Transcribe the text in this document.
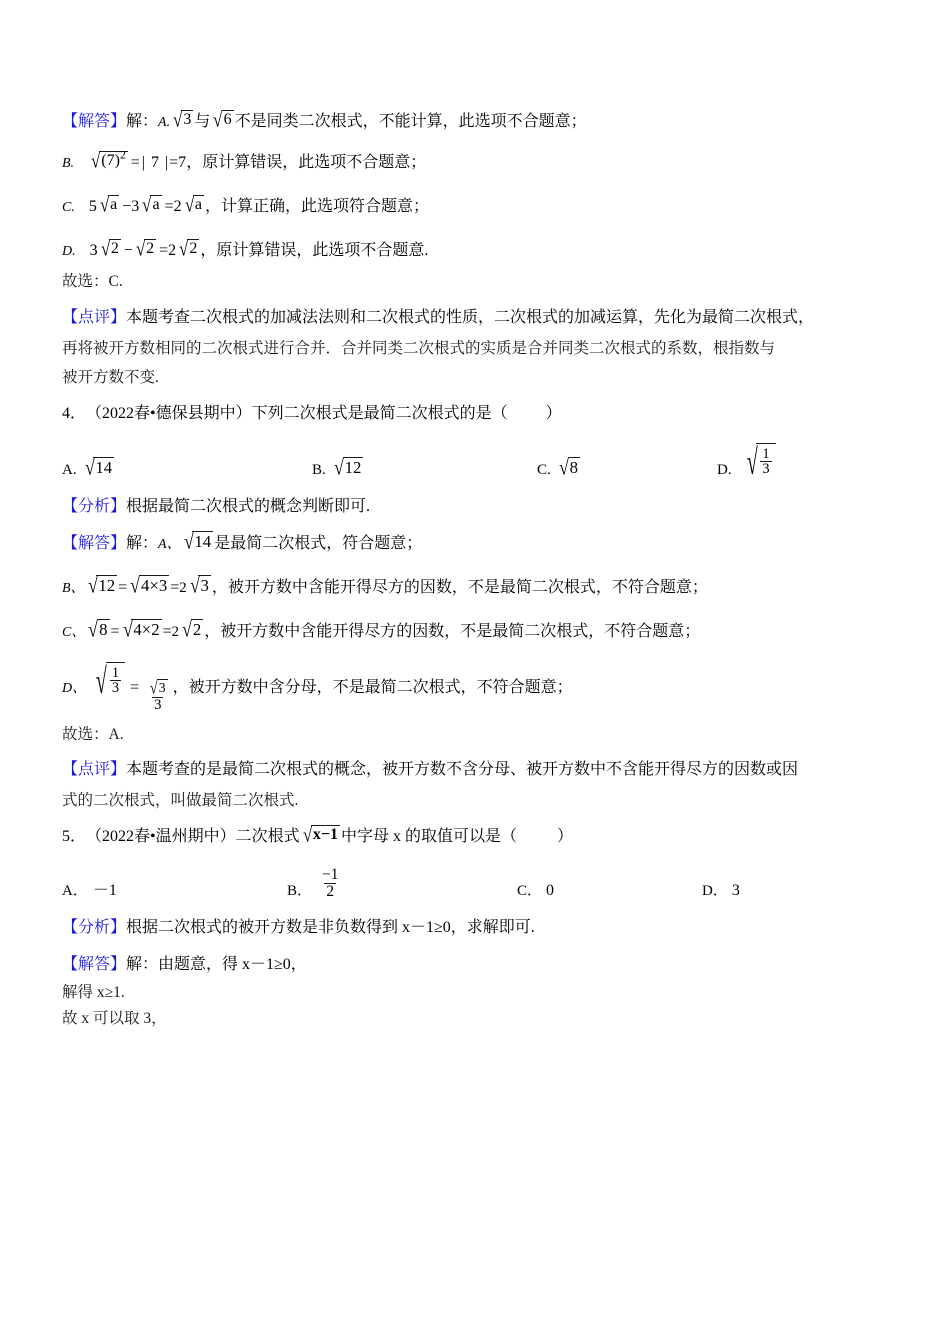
【解答】 解： A. √ 3 与 √ 6 不是同类二次根式，不能计算，此选项不合题意；
B. √ $(7)^2$ = | 7 | =7 ，原计算错误，此选项不合题意；
C. 5 √ a −3 √ a =2 √ a ，计算正确，此选项符合题意；
D. 3 √ 2 − √ 2 =2 √ 2 ，原计算错误，此选项不合题意.
故选：C.
【点评】 本题考查二次根式的加减法法则和二次根式的性质，二次根式的加减运算，先化为最简二次根式，
再将被开方数相同的二次根式进行合并．合并同类二次根式的实质是合并同类二次根式的系数，根指数与
被开方数不变.
4． （2022春•德保县期中） 下列二次根式是最简二次根式的是（ ）
A. √ 14	B. √ 12	C. √ 8	D. √ $\frac{1}{3}$
【分析】 根据最简二次根式的概念判断即可.
【解答】 解： A、 √ 14 是最简二次根式，符合题意；
B、 √ 12 = √ 4×3 = 2 √ 3 ，被开方数中含能开得尽方的因数，不是最简二次根式，不符合题意；
C、 √ 8 = √ 4×2 = 2 √ 2 ，被开方数中含能开得尽方的因数，不是最简二次根式，不符合题意；
D、 √ $\frac{1}{3} = \frac{√ 3}{3}$ ，被开方数中含分母，不是最简二次根式，不符合题意；
故选：A.
【点评】 本题考查的是最简二次根式的概念，被开方数不含分母、被开方数中不含能开得尽方的因数或因
式的二次根式，叫做最简二次根式.
5． （2022春•温州期中） 二次根式 √ x−1 中字母 x 的取值可以是（	）
A． －1	B． $\frac{-1}{2}$	C． 0	D． 3
【分析】 根据二次根式的被开方数是非负数得到 x－1≥0，求解即可.
【解答】 解：由题意，得 x－1≥0，
解得 x≥1.
故 x 可以取 3，
